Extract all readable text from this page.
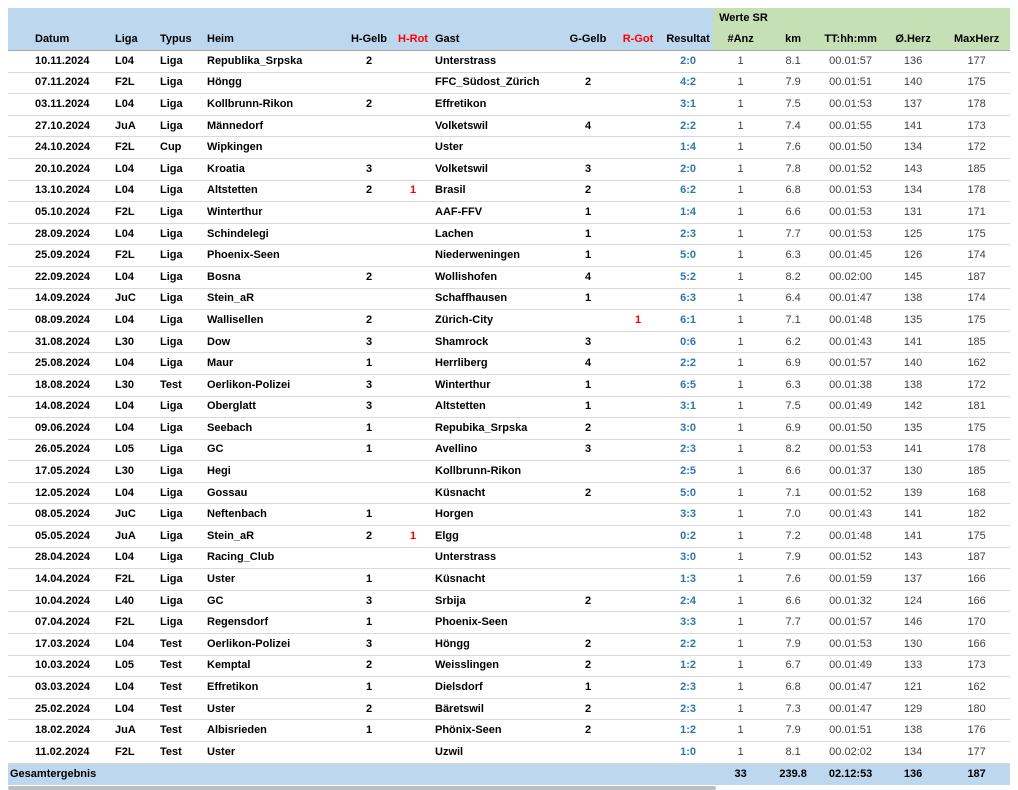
										Werte SR				
Datum	Liga	Typus	Heim	H-Gelb	H-Rot	Gast	G-Gelb	R-Got	Resultat	#Anz	km	TT:hh:mm	Ø.Herz	MaxHerz
10.11.2024	L04	Liga	Republika_Srpska	2		Unterstrass			2:0	1	8.1	00.01:57	136	177
07.11.2024	F2L	Liga	Höngg			FFC_Südost_Zürich	2		4:2	1	7.9	00.01:51	140	175
03.11.2024	L04	Liga	Kollbrunn-Rikon	2		Effretikon			3:1	1	7.5	00.01:53	137	178
27.10.2024	JuA	Liga	Männedorf			Volketswil	4		2:2	1	7.4	00.01:55	141	173
24.10.2024	F2L	Cup	Wipkingen			Uster			1:4	1	7.6	00.01:50	134	172
20.10.2024	L04	Liga	Kroatia	3		Volketswil	3		2:0	1	7.8	00.01:52	143	185
13.10.2024	L04	Liga	Altstetten	2	1	Brasil	2		6:2	1	6.8	00.01:53	134	178
05.10.2024	F2L	Liga	Winterthur			AAF-FFV	1		1:4	1	6.6	00.01:53	131	171
28.09.2024	L04	Liga	Schindelegi			Lachen	1		2:3	1	7.7	00.01:53	125	175
25.09.2024	F2L	Liga	Phoenix-Seen			Niederweningen	1		5:0	1	6.3	00.01:45	126	174
22.09.2024	L04	Liga	Bosna	2		Wollishofen	4		5:2	1	8.2	00.02:00	145	187
14.09.2024	JuC	Liga	Stein_aR			Schaffhausen	1		6:3	1	6.4	00.01:47	138	174
08.09.2024	L04	Liga	Wallisellen	2		Zürich-City		1	6:1	1	7.1	00.01:48	135	175
31.08.2024	L30	Liga	Dow	3		Shamrock	3		0:6	1	6.2	00.01:43	141	185
25.08.2024	L04	Liga	Maur	1		Herrliberg	4		2:2	1	6.9	00.01:57	140	162
18.08.2024	L30	Test	Oerlikon-Polizei	3		Winterthur	1		6:5	1	6.3	00.01:38	138	172
14.08.2024	L04	Liga	Oberglatt	3		Altstetten	1		3:1	1	7.5	00.01:49	142	181
09.06.2024	L04	Liga	Seebach	1		Repubika_Srpska	2		3:0	1	6.9	00.01:50	135	175
26.05.2024	L05	Liga	GC	1		Avellino	3		2:3	1	8.2	00.01:53	141	178
17.05.2024	L30	Liga	Hegi			Kollbrunn-Rikon			2:5	1	6.6	00.01:37	130	185
12.05.2024	L04	Liga	Gossau			Küsnacht	2		5:0	1	7.1	00.01:52	139	168
08.05.2024	JuC	Liga	Neftenbach	1		Horgen			3:3	1	7.0	00.01:43	141	182
05.05.2024	JuA	Liga	Stein_aR	2	1	Elgg			0:2	1	7.2	00.01:48	141	175
28.04.2024	L04	Liga	Racing_Club			Unterstrass			3:0	1	7.9	00.01:52	143	187
14.04.2024	F2L	Liga	Uster	1		Küsnacht			1:3	1	7.6	00.01:59	137	166
10.04.2024	L40	Liga	GC	3		Srbija	2		2:4	1	6.6	00.01:32	124	166
07.04.2024	F2L	Liga	Regensdorf	1		Phoenix-Seen			3:3	1	7.7	00.01:57	146	170
17.03.2024	L04	Test	Oerlikon-Polizei	3		Höngg	2		2:2	1	7.9	00.01:53	130	166
10.03.2024	L05	Test	Kemptal	2		Weisslingen	2		1:2	1	6.7	00.01:49	133	173
03.03.2024	L04	Test	Effretikon	1		Dielsdorf	1		2:3	1	6.8	00.01:47	121	162
25.02.2024	L04	Test	Uster	2		Bäretswil	2		2:3	1	7.3	00.01:47	129	180
18.02.2024	JuA	Test	Albisrieden	1		Phönix-Seen	2		1:2	1	7.9	00.01:51	138	176
11.02.2024	F2L	Test	Uster			Uzwil			1:0	1	8.1	00.02:02	134	177
Gesamtergebnis										33	239.8	02.12:53	136	187
